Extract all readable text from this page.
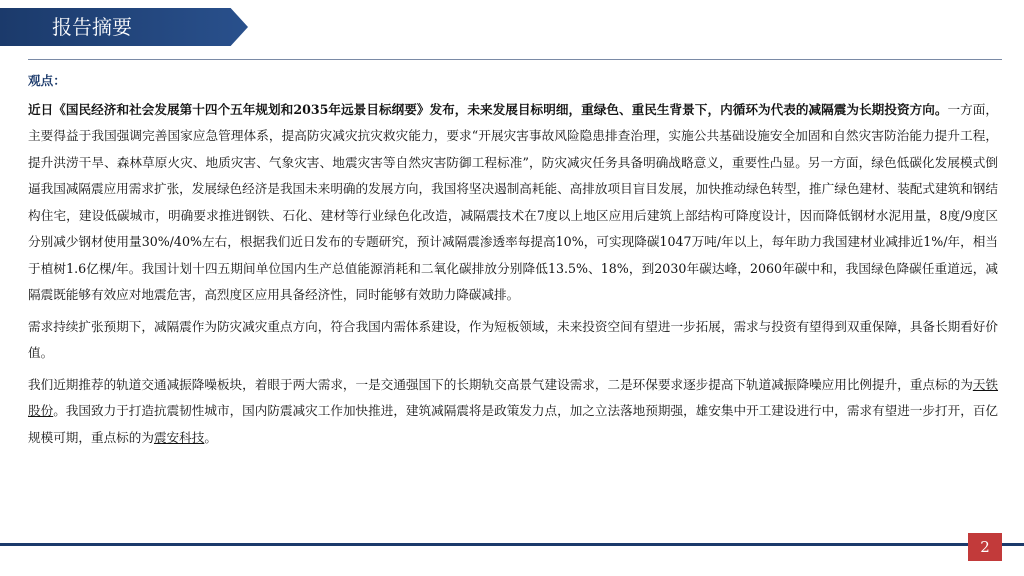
报告摘要
观点：

近日《国民经济和社会发展第十四个五年规划和2035年远景目标纲要》发布，未来发展目标明细，重绿色、重民生背景下，内循环为代表的减隔震为长期投资方向。一方面，主要得益于我国强调完善国家应急管理体系，提高防灾减灾抗灾救灾能力，要求“开展灾害事故风险隐患排查治理，实施公共基础设施安全加固和自然灾害防治能力提升工程，提升洪涝干旱、森林草原火灾、地质灾害、气象灾害、地震灾害等自然灾害防御工程标准”，防灾减灾任务具备明确战略意义，重要性凸显。另一方面，绿色低碳化发展模式倒逼我国减隔震应用需求扩张，发展绿色经济是我国未来明确的发展方向，我国将坚决遏制高耗能、高排放项目盲目发展，加快推动绿色转型，推广绿色建材、装配式建筑和钢结构住宅，建设低碳城市，明确要求推进钢铁、石化、建材等行业绿色化改造，减隔震技术在7度以上地区应用后建筑上部结构可降度设计，因而降低钢材水泥用量，8度/9度区分别减少钢材使用量30%/40%左右，根据我们近日发布的专题研究，预计减隔震渗透率每提高10%，可实现降碳1047万吨/年以上，每年助力我国建材业减排近1%/年，相当于植树1.6亿棵/年。我国计划十四五期间单位国内生产总值能源消耗和二氧化碳排放分别降低13.5%、18%，到2030年碳达峰，2060年碳中和，我国绿色降碳任重道远，减隔震既能够有效应对地震危害，高烈度区应用具备经济性，同时能够有效助力降碳减排。

需求持续扩张预期下，减隔震作为防灾减灾重点方向，符合我国内需体系建设，作为短板领域，未来投资空间有望进一步拓展，需求与投资有望得到双重保障，具备长期看好价值。

我们近期推荐的轨道交通减振降噪板块，着眼于两大需求，一是交通强国下的长期轨交高景气建设需求，二是环保要求逐步提高下轨道减振降噪应用比例提升，重点标的为天铁股份。我国致力于打造抗震韧性城市，国内防震减灾工作加快推进，建筑减隔震将是政策发力点，加之立法落地预期强，雄安集中开工建设进行中，需求有望进一步打开，百亿规模可期，重点标的为震安科技。

2
